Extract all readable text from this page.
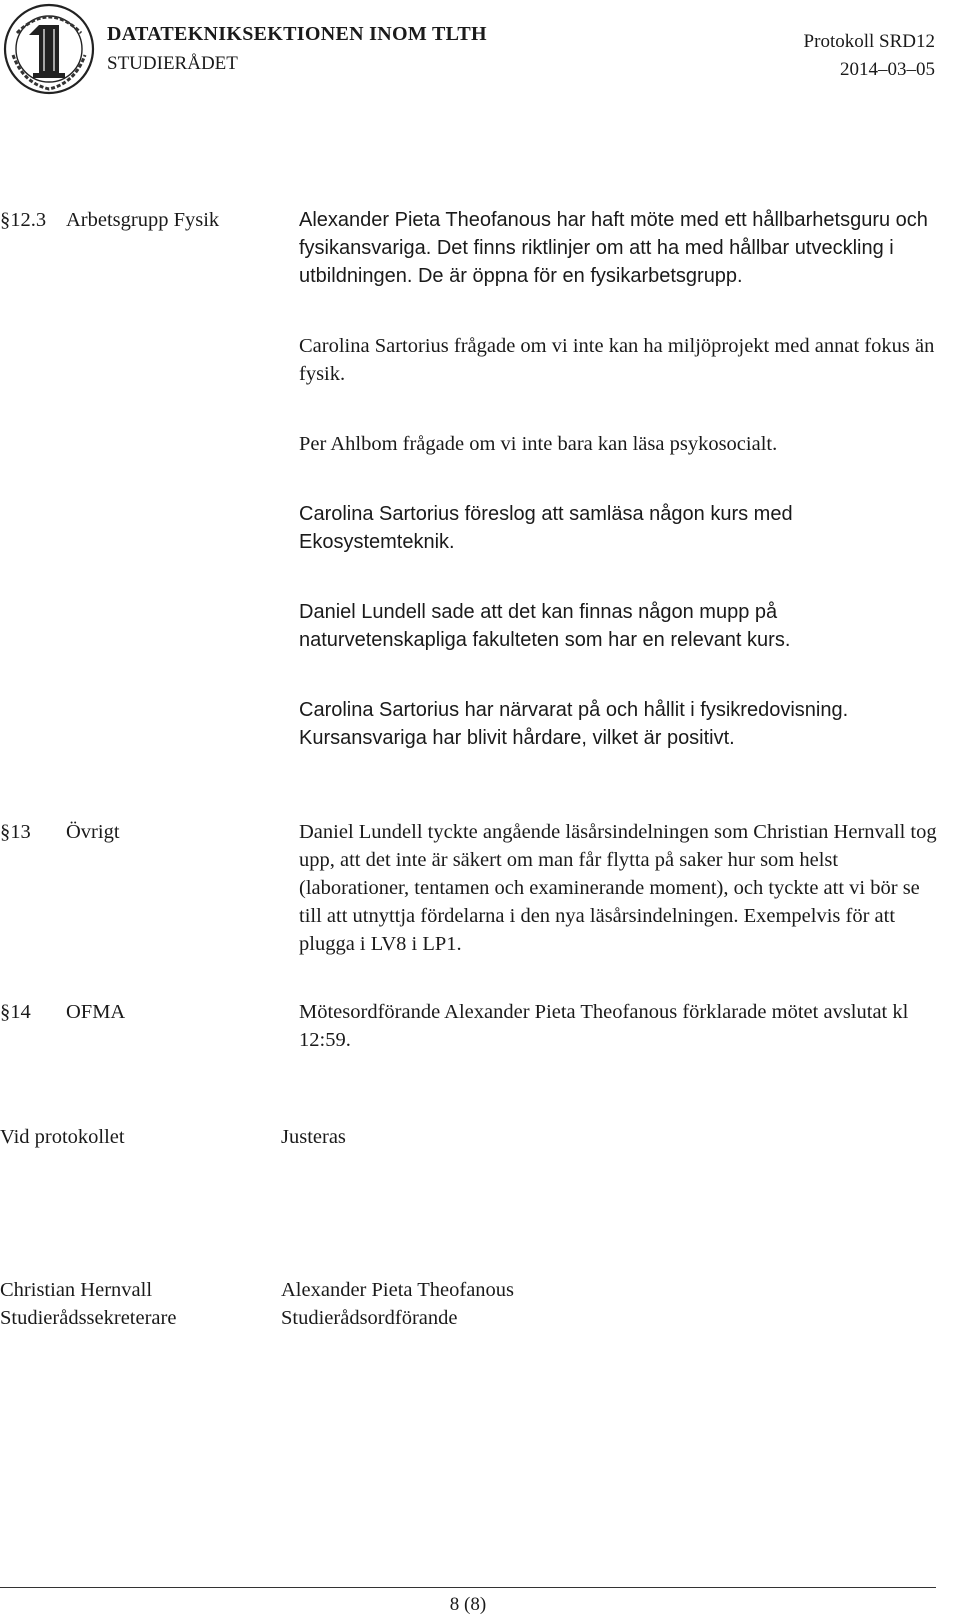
DATATEKNIKSEKTIONEN INOM TLTH
STUDIERÅDET
Protokoll SRD12
2014–03–05
§12.3 Arbetsgrupp Fysik	Alexander Pieta Theofanous har haft möte med ett hållbarhetsguru och fysikansvariga. Det finns riktlinjer om att ha med hållbar utveckling i utbildningen. De är öppna för en fysikarbetsgrupp.

Carolina Sartorius frågade om vi inte kan ha miljöprojekt med annat fokus än fysik.

Per Ahlbom frågade om vi inte bara kan läsa psykosocialt.

Carolina Sartorius föreslog att samläsa någon kurs med Ekosystemteknik.

Daniel Lundell sade att det kan finnas någon mupp på naturvetenskapliga fakulteten som har en relevant kurs.

Carolina Sartorius har närvarat på och hållit i fysikredovisning. Kursansvariga har blivit hårdare, vilket är positivt.

§13 Övrigt	Daniel Lundell tyckte angående läsårsindelningen som Christian Hernvall tog upp, att det inte är säkert om man får flytta på saker hur som helst (laborationer, tentamen och examinerande moment), och tyckte att vi bör se till att utnyttja fördelarna i den nya läsårsindelningen. Exempelvis för att plugga i LV8 i LP1.

§14 OFMA	Mötesordförande Alexander Pieta Theofanous förklarade mötet avslutat kl 12:59.

Vid protokollet	Justeras
Christian Hernvall
Studierådssekreterare
Alexander Pieta Theofanous
Studierådsordförande
8 (8)
